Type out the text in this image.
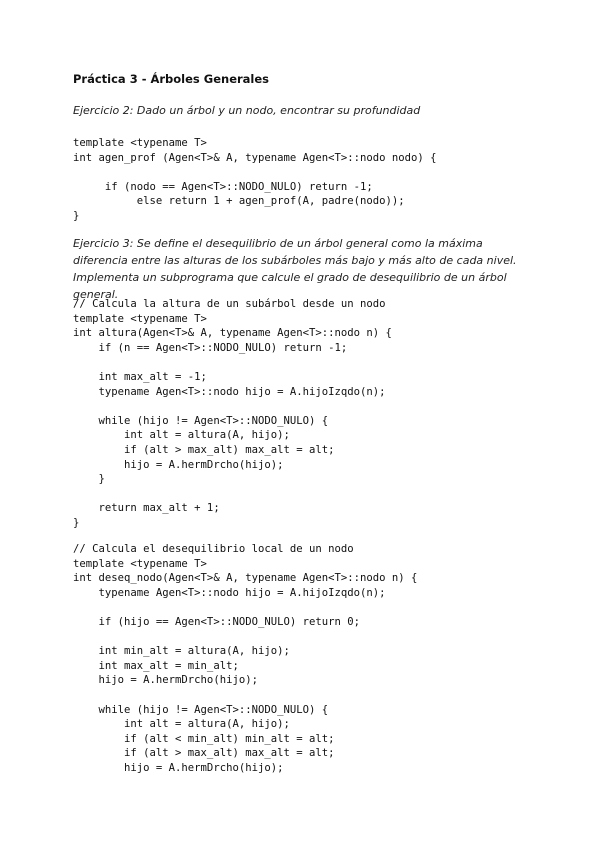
Práctica 3 - Árboles Generales
Ejercicio 2: Dado un árbol y un nodo, encontrar su profundidad
template <typename T>
int agen_prof (Agen<T>& A, typename Agen<T>::nodo nodo) {

if (nodo == Agen<T>::NODO_NULO) return -1;
else return 1 + agen_prof(A, padre(nodo));
}
Ejercicio 3: Se define el desequilibrio de un árbol general como la máxima diferencia entre las alturas de los subárboles más bajo y más alto de cada nivel. Implementa un subprograma que calcule el grado de desequilibrio de un árbol general.
// Calcula la altura de un subárbol desde un nodo
template <typename T>
int altura(Agen<T>& A, typename Agen<T>::nodo n) {
if (n == Agen<T>::NODO_NULO) return -1;

int max_alt = -1;
typename Agen<T>::nodo hijo = A.hijoIzqdo(n);

while (hijo != Agen<T>::NODO_NULO) {
int alt = altura(A, hijo);
if (alt > max_alt) max_alt = alt;
hijo = A.hermDrcho(hijo);
}

return max_alt + 1;
}
// Calcula el desequilibrio local de un nodo
template <typename T>
int deseq_nodo(Agen<T>& A, typename Agen<T>::nodo n) {
typename Agen<T>::nodo hijo = A.hijoIzqdo(n);

if (hijo == Agen<T>::NODO_NULO) return 0;

int min_alt = altura(A, hijo);
int max_alt = min_alt;
hijo = A.hermDrcho(hijo);

while (hijo != Agen<T>::NODO_NULO) {
int alt = altura(A, hijo);
if (alt < min_alt) min_alt = alt;
if (alt > max_alt) max_alt = alt;
hijo = A.hermDrcho(hijo);
